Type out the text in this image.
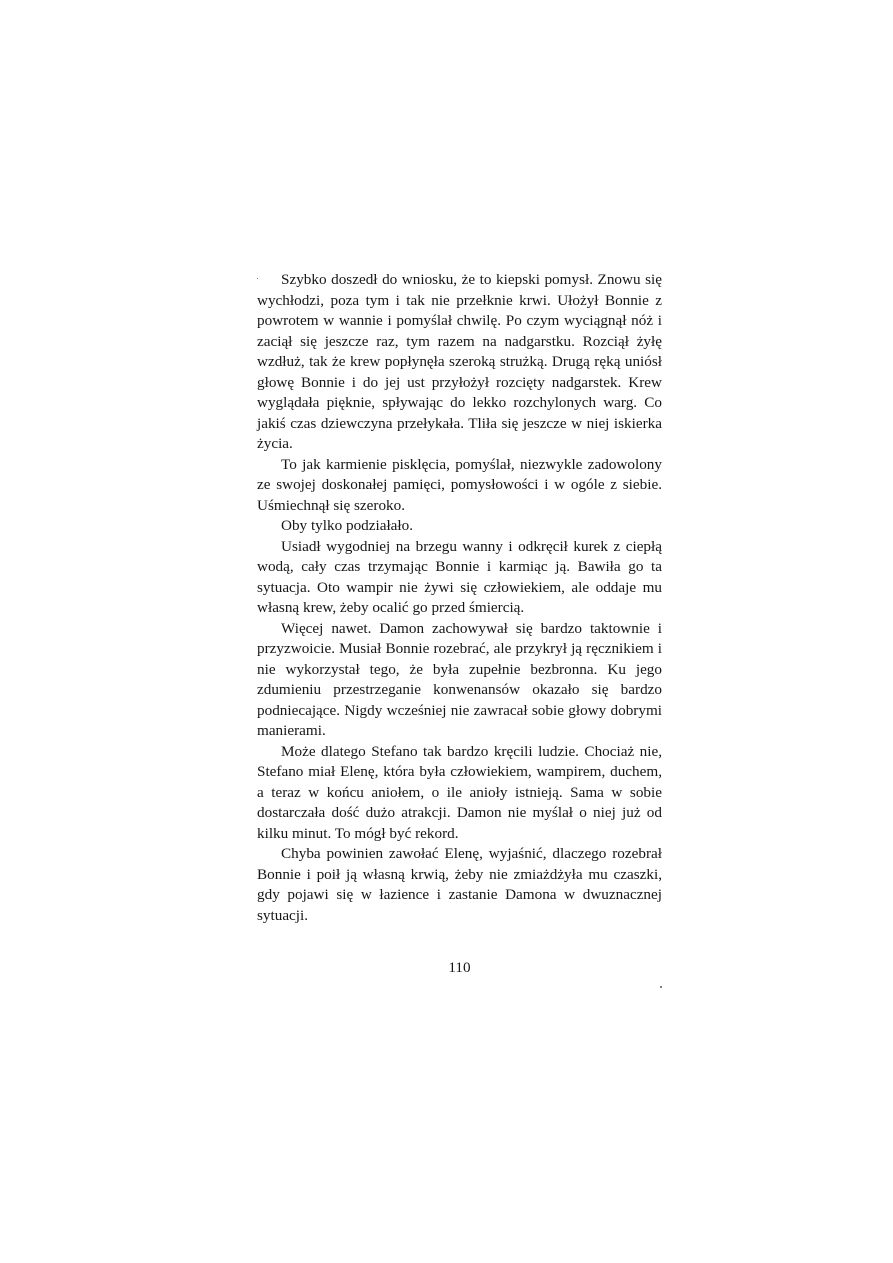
Szybko doszedł do wniosku, że to kiepski pomysł. Znowu się wychłodzi, poza tym i tak nie przełknie krwi. Ułożył Bonnie z powrotem w wannie i pomyślał chwilę. Po czym wyciągnął nóż i zaciął się jeszcze raz, tym razem na nadgarstku. Rozciął żyłę wzdłuż, tak że krew popłynęła szeroką strużką. Drugą ręką uniósł głowę Bonnie i do jej ust przyłożył rozcięty nadgarstek. Krew wyglądała pięknie, spływając do lekko rozchylonych warg. Co jakiś czas dziewczyna przełykała. Tliła się jeszcze w niej iskierka życia.

To jak karmienie pisklęcia, pomyślał, niezwykle zadowolony ze swojej doskonałej pamięci, pomysłowości i w ogóle z siebie. Uśmiechnął się szeroko.

Oby tylko podziałało.

Usiadł wygodniej na brzegu wanny i odkręcił kurek z ciepłą wodą, cały czas trzymając Bonnie i karmiąc ją. Bawiła go ta sytuacja. Oto wampir nie żywi się człowiekiem, ale oddaje mu własną krew, żeby ocalić go przed śmiercią.

Więcej nawet. Damon zachowywał się bardzo taktownie i przyzwoicie. Musiał Bonnie rozebrać, ale przykrył ją ręcznikiem i nie wykorzystał tego, że była zupełnie bezbronna. Ku jego zdumieniu przestrzeganie konwenansów okazało się bardzo podniecające. Nigdy wcześniej nie zawracał sobie głowy dobrymi manierami.

Może dlatego Stefano tak bardzo kręcili ludzie. Chociaż nie, Stefano miał Elenę, która była człowiekiem, wampirem, duchem, a teraz w końcu aniołem, o ile anioły istnieją. Sama w sobie dostarczała dość dużo atrakcji. Damon nie myślał o niej już od kilku minut. To mógł być rekord.

Chyba powinien zawołać Elenę, wyjaśnić, dlaczego rozebrał Bonnie i poił ją własną krwią, żeby nie zmiażdżyła mu czaszki, gdy pojawi się w łazience i zastanie Damona w dwuznacznej sytuacji.

110
